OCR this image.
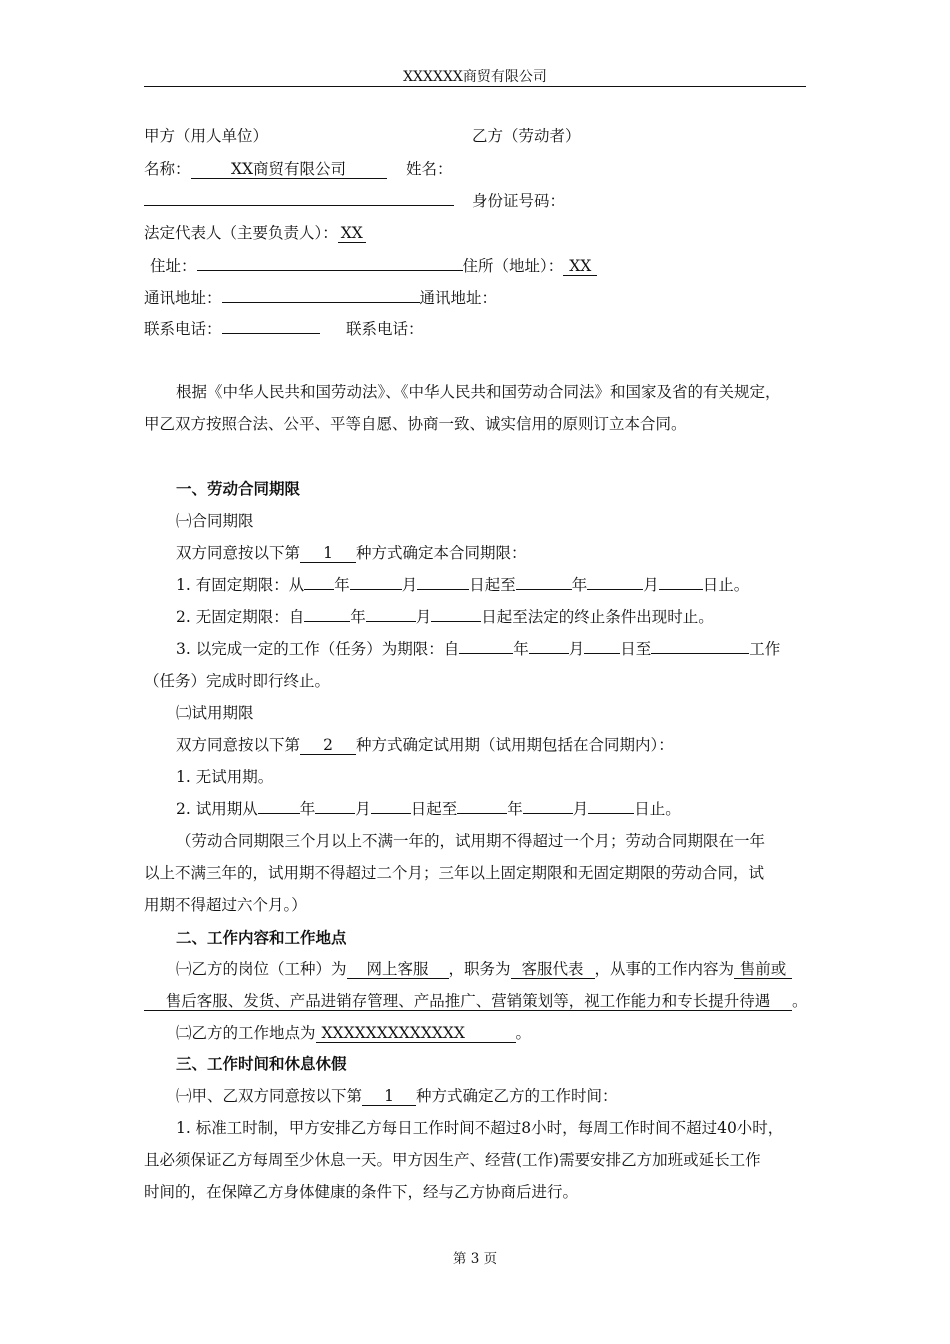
XXXXXX商贸有限公司
甲方（用人单位）	乙方（劳动者）
名称：	XX商贸有限公司	姓名：
身份证号码：
法定代表人（主要负责人）： XX
住址：	住所（地址）： XX
通讯地址：	通讯地址：
联系电话：	联系电话：
根据《中华人民共和国劳动法》、《中华人民共和国劳动合同法》和国家及省的有关规定，
甲乙双方按照合法、公平、平等自愿、协商一致、诚实信用的原则订立本合同。
一、劳动合同期限
㈠合同期限
双方同意按以下第 1 种方式确定本合同期限：
1. 有固定期限：从 年	月	日起至	年	月	日止。
2. 无固定期限：自	年	月	日起至法定的终止条件出现时止。
3. 以完成一定的工作（任务）为期限：自	年	月 日至	工作
（任务）完成时即行终止。
㈡试用期限
双方同意按以下第 2 种方式确定试用期（试用期包括在合同期内）：
1. 无试用期。
2. 试用期从	年	月	日起至	年	月	日止。
（劳动合同期限三个月以上不满一年的，试用期不得超过一个月；劳动合同期限在一年
以上不满三年的，试用期不得超过二个月；三年以上固定期限和无固定期限的劳动合同，试
用期不得超过六个月。）
二、工作内容和工作地点
㈠乙方的岗位（工种）为 网上客服 ，职务为 客服代表 ，从事的工作内容为 售前或
售后客服、发货、产品进销存管理、产品推广、营销策划等，视工作能力和专长提升待遇 。
㈡乙方的工作地点为 XXXXXXXXXXXXX	。
三、工作时间和休息休假
㈠甲、乙双方同意按以下第 1 种方式确定乙方的工作时间：
1. 标准工时制，甲方安排乙方每日工作时间不超过8小时，每周工作时间不超过40小时，
且必须保证乙方每周至少休息一天。甲方因生产、经营(工作)需要安排乙方加班或延长工作
时间的，在保障乙方身体健康的条件下，经与乙方协商后进行。
第 3 页
